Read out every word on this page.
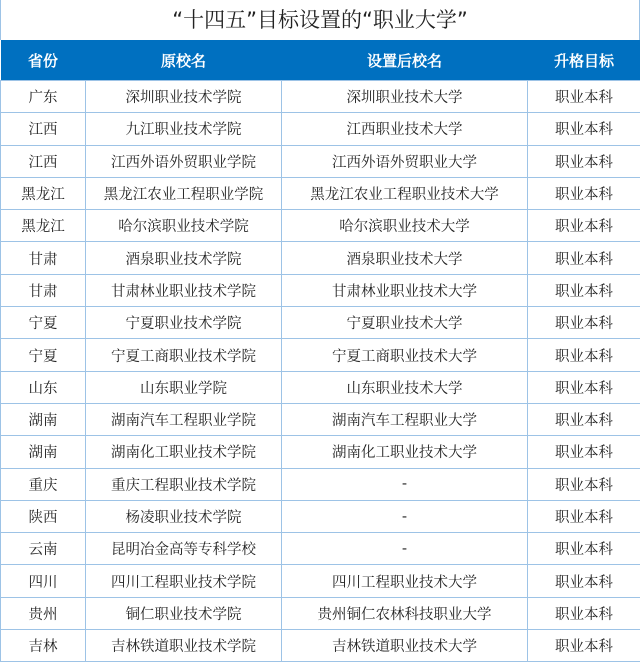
“十四五”目标设置的“职业大学”
省份	原校名	设置后校名	升格目标
广东	深圳职业技术学院	深圳职业技术大学	职业本科
江西	九江职业技术学院	江西职业技术大学	职业本科
江西	江西外语外贸职业学院	江西外语外贸职业大学	职业本科
黑龙江	黑龙江农业工程职业学院	黑龙江农业工程职业技术大学	职业本科
黑龙江	哈尔滨职业技术学院	哈尔滨职业技术大学	职业本科
甘肃	酒泉职业技术学院	酒泉职业技术大学	职业本科
甘肃	甘肃林业职业技术学院	甘肃林业职业技术大学	职业本科
宁夏	宁夏职业技术学院	宁夏职业技术大学	职业本科
宁夏	宁夏工商职业技术学院	宁夏工商职业技术大学	职业本科
山东	山东职业学院	山东职业技术大学	职业本科
湖南	湖南汽车工程职业学院	湖南汽车工程职业大学	职业本科
湖南	湖南化工职业技术学院	湖南化工职业技术大学	职业本科
重庆	重庆工程职业技术学院	-	职业本科
陕西	杨凌职业技术学院	-	职业本科
云南	昆明冶金高等专科学校	-	职业本科
四川	四川工程职业技术学院	四川工程职业技术大学	职业本科
贵州	铜仁职业技术学院	贵州铜仁农林科技职业大学	职业本科
吉林	吉林铁道职业技术学院	吉林铁道职业技术大学	职业本科
